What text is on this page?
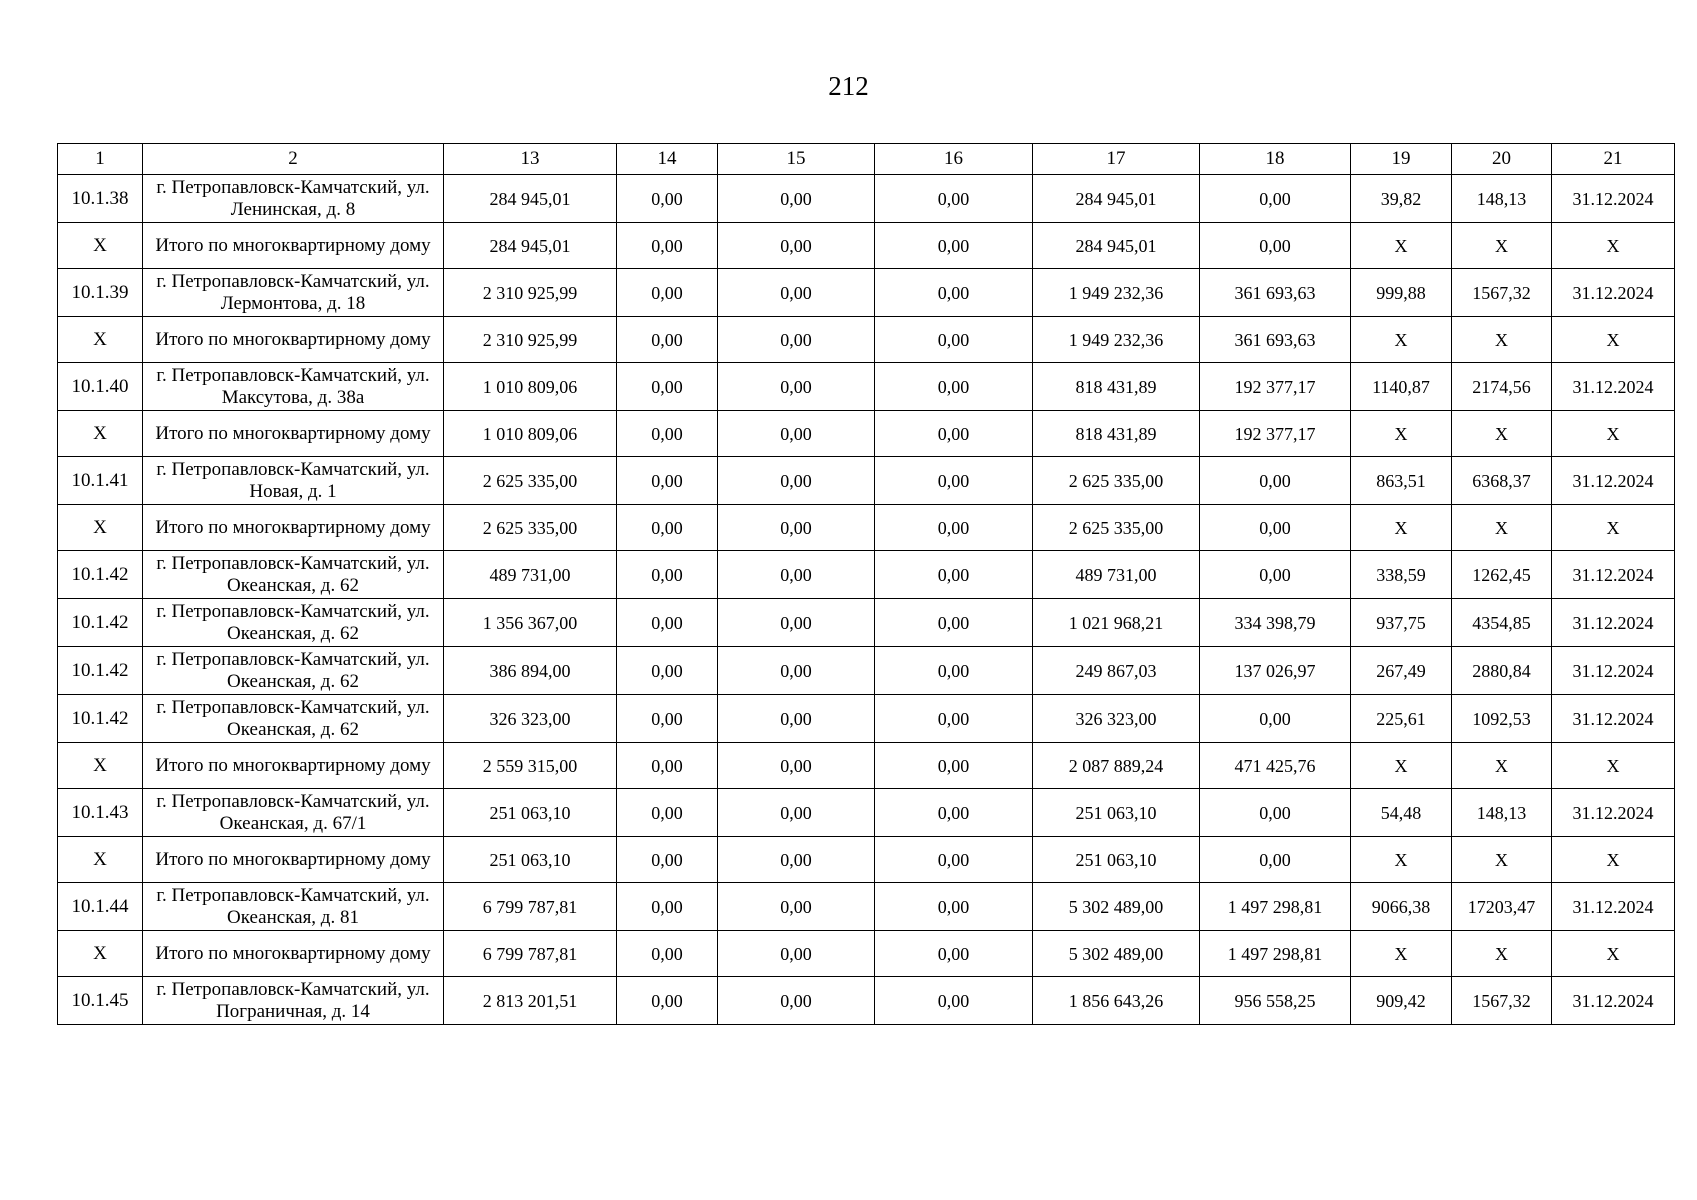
212
1	2	13	14	15	16	17	18	19	20	21
10.1.38	г. Петропавловск-Камчатский, ул. Ленинская, д. 8	284 945,01	0,00	0,00	0,00	284 945,01	0,00	39,82	148,13	31.12.2024
Х	Итого по многоквартирному дому	284 945,01	0,00	0,00	0,00	284 945,01	0,00	Х	Х	Х
10.1.39	г. Петропавловск-Камчатский, ул. Лермонтова, д. 18	2 310 925,99	0,00	0,00	0,00	1 949 232,36	361 693,63	999,88	1567,32	31.12.2024
Х	Итого по многоквартирному дому	2 310 925,99	0,00	0,00	0,00	1 949 232,36	361 693,63	Х	Х	Х
10.1.40	г. Петропавловск-Камчатский, ул. Максутова, д. 38а	1 010 809,06	0,00	0,00	0,00	818 431,89	192 377,17	1140,87	2174,56	31.12.2024
Х	Итого по многоквартирному дому	1 010 809,06	0,00	0,00	0,00	818 431,89	192 377,17	Х	Х	Х
10.1.41	г. Петропавловск-Камчатский, ул. Новая, д. 1	2 625 335,00	0,00	0,00	0,00	2 625 335,00	0,00	863,51	6368,37	31.12.2024
Х	Итого по многоквартирному дому	2 625 335,00	0,00	0,00	0,00	2 625 335,00	0,00	Х	Х	Х
10.1.42	г. Петропавловск-Камчатский, ул. Океанская, д. 62	489 731,00	0,00	0,00	0,00	489 731,00	0,00	338,59	1262,45	31.12.2024
10.1.42	г. Петропавловск-Камчатский, ул. Океанская, д. 62	1 356 367,00	0,00	0,00	0,00	1 021 968,21	334 398,79	937,75	4354,85	31.12.2024
10.1.42	г. Петропавловск-Камчатский, ул. Океанская, д. 62	386 894,00	0,00	0,00	0,00	249 867,03	137 026,97	267,49	2880,84	31.12.2024
10.1.42	г. Петропавловск-Камчатский, ул. Океанская, д. 62	326 323,00	0,00	0,00	0,00	326 323,00	0,00	225,61	1092,53	31.12.2024
Х	Итого по многоквартирному дому	2 559 315,00	0,00	0,00	0,00	2 087 889,24	471 425,76	Х	Х	Х
10.1.43	г. Петропавловск-Камчатский, ул. Океанская, д. 67/1	251 063,10	0,00	0,00	0,00	251 063,10	0,00	54,48	148,13	31.12.2024
Х	Итого по многоквартирному дому	251 063,10	0,00	0,00	0,00	251 063,10	0,00	Х	Х	Х
10.1.44	г. Петропавловск-Камчатский, ул. Океанская, д. 81	6 799 787,81	0,00	0,00	0,00	5 302 489,00	1 497 298,81	9066,38	17203,47	31.12.2024
Х	Итого по многоквартирному дому	6 799 787,81	0,00	0,00	0,00	5 302 489,00	1 497 298,81	Х	Х	Х
10.1.45	г. Петропавловск-Камчатский, ул. Пограничная, д. 14	2 813 201,51	0,00	0,00	0,00	1 856 643,26	956 558,25	909,42	1567,32	31.12.2024
